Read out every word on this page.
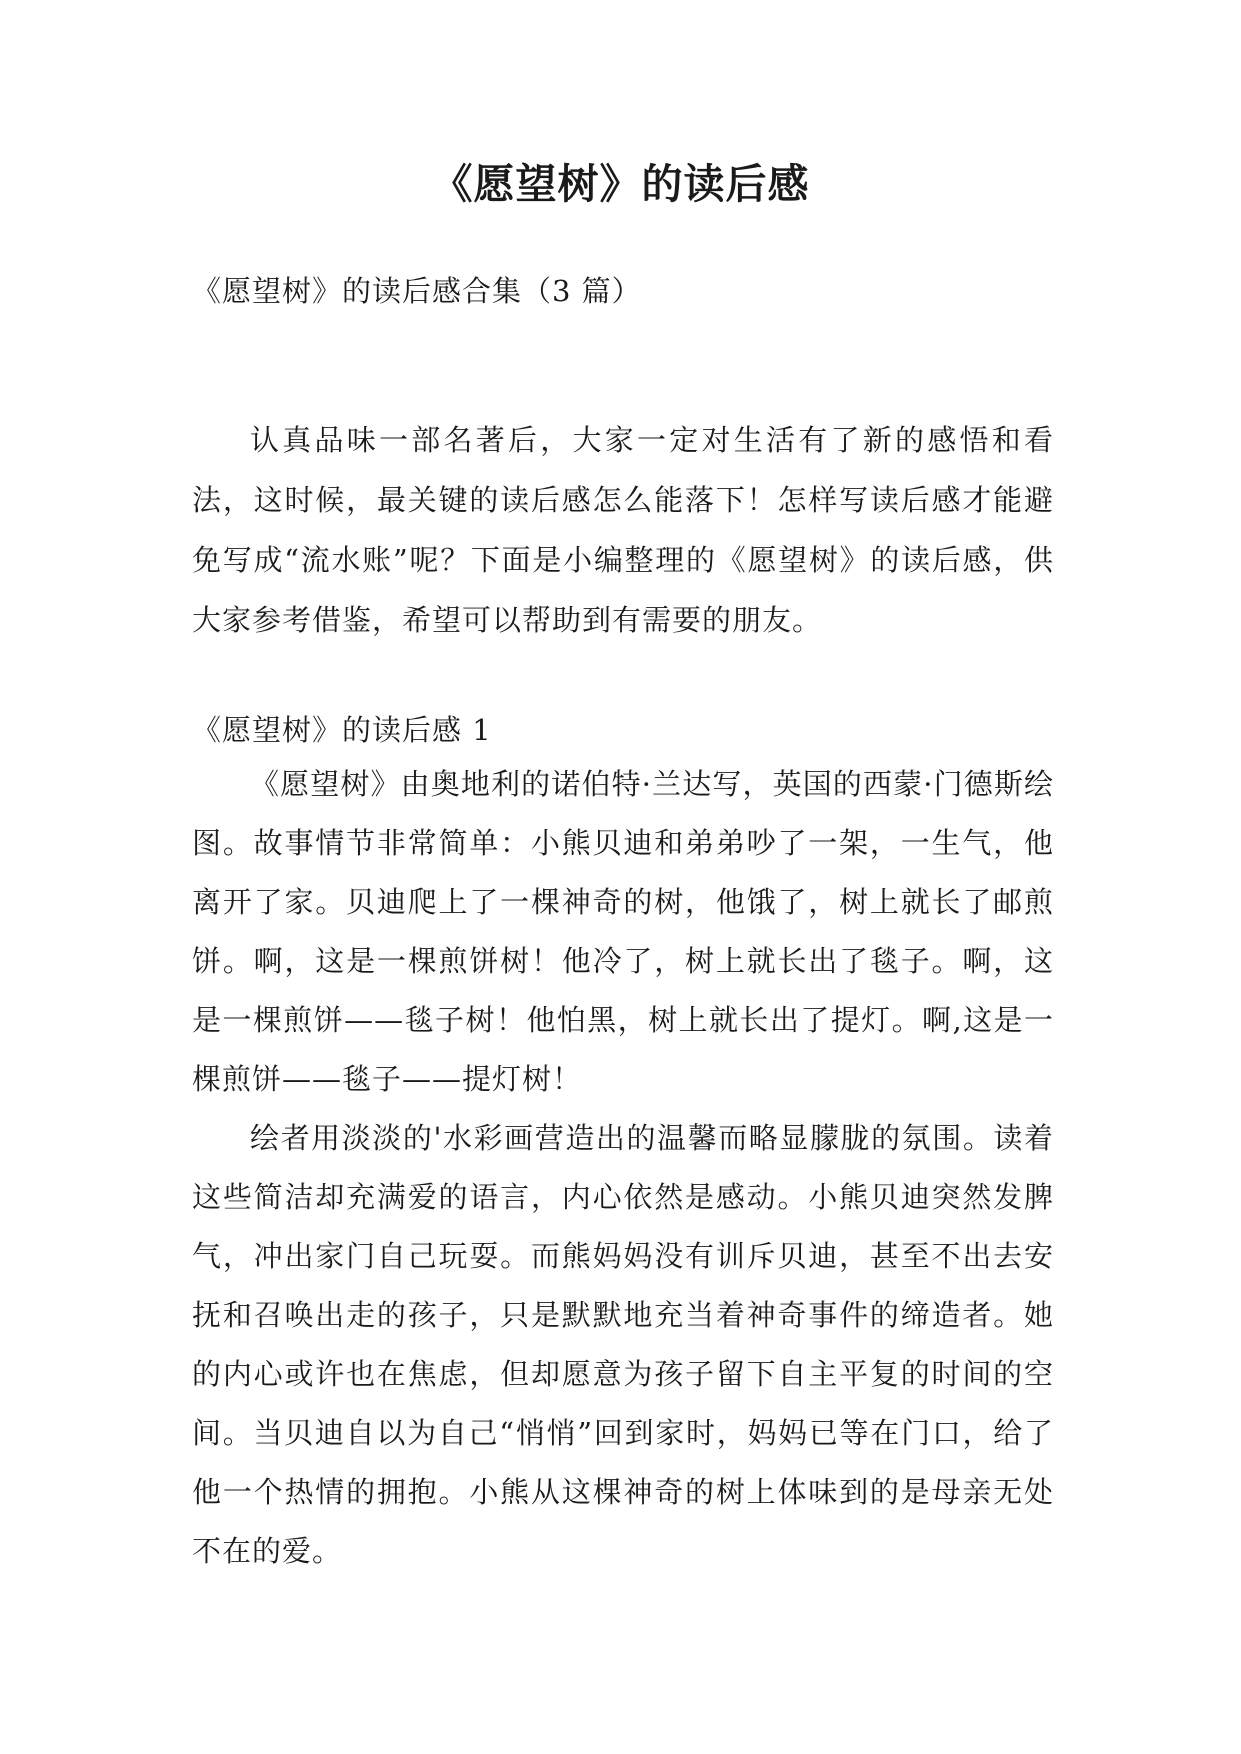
《愿望树》的读后感
《愿望树》的读后感合集（3 篇）

认真品味一部名著后，大家一定对生活有了新的感悟和看法，这时候，最关键的读后感怎么能落下！怎样写读后感才能避免写成“流水账”呢？下面是小编整理的《愿望树》的读后感，供大家参考借鉴，希望可以帮助到有需要的朋友。

《愿望树》的读后感 1

《愿望树》由奥地利的诺伯特·兰达写，英国的西蒙·门德斯绘图。故事情节非常简单：小熊贝迪和弟弟吵了一架，一生气，他离开了家。贝迪爬上了一棵神奇的树，他饿了，树上就长了邮煎饼。啊，这是一棵煎饼树！他冷了，树上就长出了毯子。啊，这是一棵煎饼——毯子树！他怕黑，树上就长出了提灯。啊,这是一棵煎饼——毯子——提灯树！

绘者用淡淡的'水彩画营造出的温馨而略显朦胧的氛围。读着这些简洁却充满爱的语言，内心依然是感动。小熊贝迪突然发脾气，冲出家门自己玩耍。而熊妈妈没有训斥贝迪，甚至不出去安抚和召唤出走的孩子，只是默默地充当着神奇事件的缔造者。她的内心或许也在焦虑，但却愿意为孩子留下自主平复的时间的空间。当贝迪自以为自己“悄悄”回到家时，妈妈已等在门口，给了他一个热情的拥抱。小熊从这棵神奇的树上体味到的是母亲无处不在的爱。
